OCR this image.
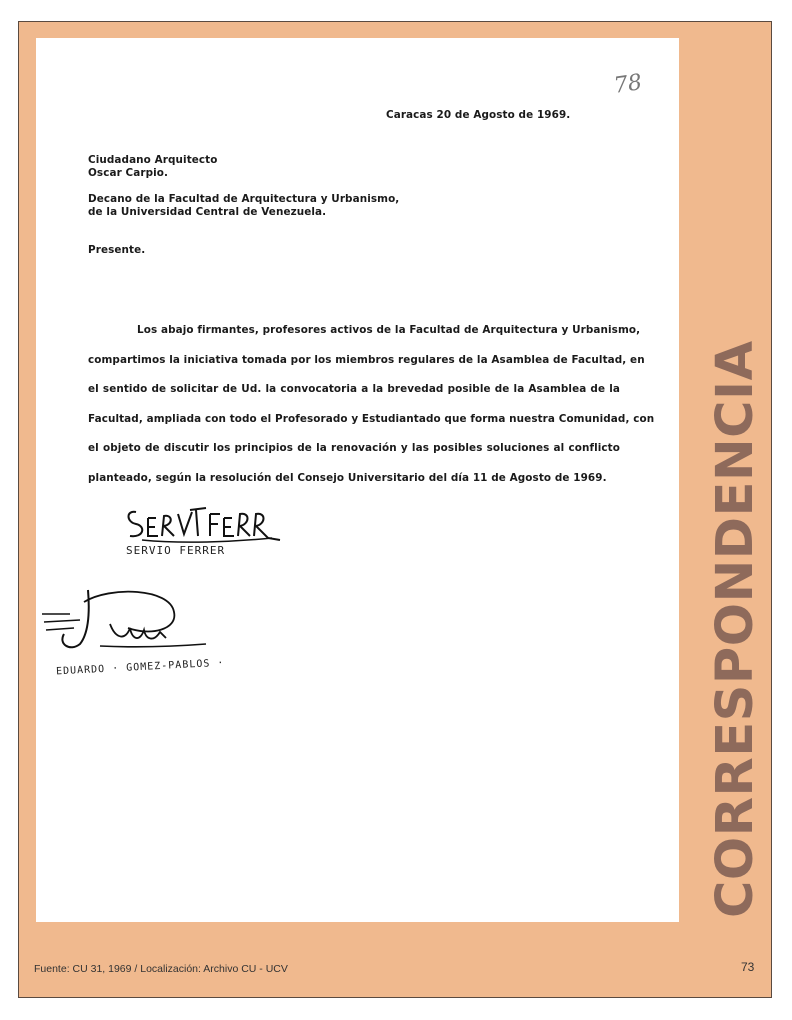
78
Caracas 20 de Agosto de 1969.
Ciudadano Arquitecto
Oscar Carpio.
Decano de la Facultad de Arquitectura y Urbanismo,
de la Universidad Central de Venezuela.
Presente.
Los abajo firmantes, profesores activos de la Facultad de Arquitectura y Urbanismo,
compartimos la iniciativa tomada por los miembros regulares de la Asamblea de Facultad, en
el sentido de solicitar de Ud. la convocatoria a la brevedad posible de la Asamblea de la
Facultad, ampliada con todo el Profesorado y Estudiantado que forma nuestra Comunidad, con
el objeto de discutir los principios de la renovación y las posibles soluciones al conflicto
planteado, según la resolución del Consejo Universitario del día 11 de Agosto de 1969.
SERVIO FERRER
EDUARDO · GOMEZ-PABLOS ·	CORRESPONDENCIA
Fuente: CU 31, 1969 / Localización: Archivo CU - UCV	73
